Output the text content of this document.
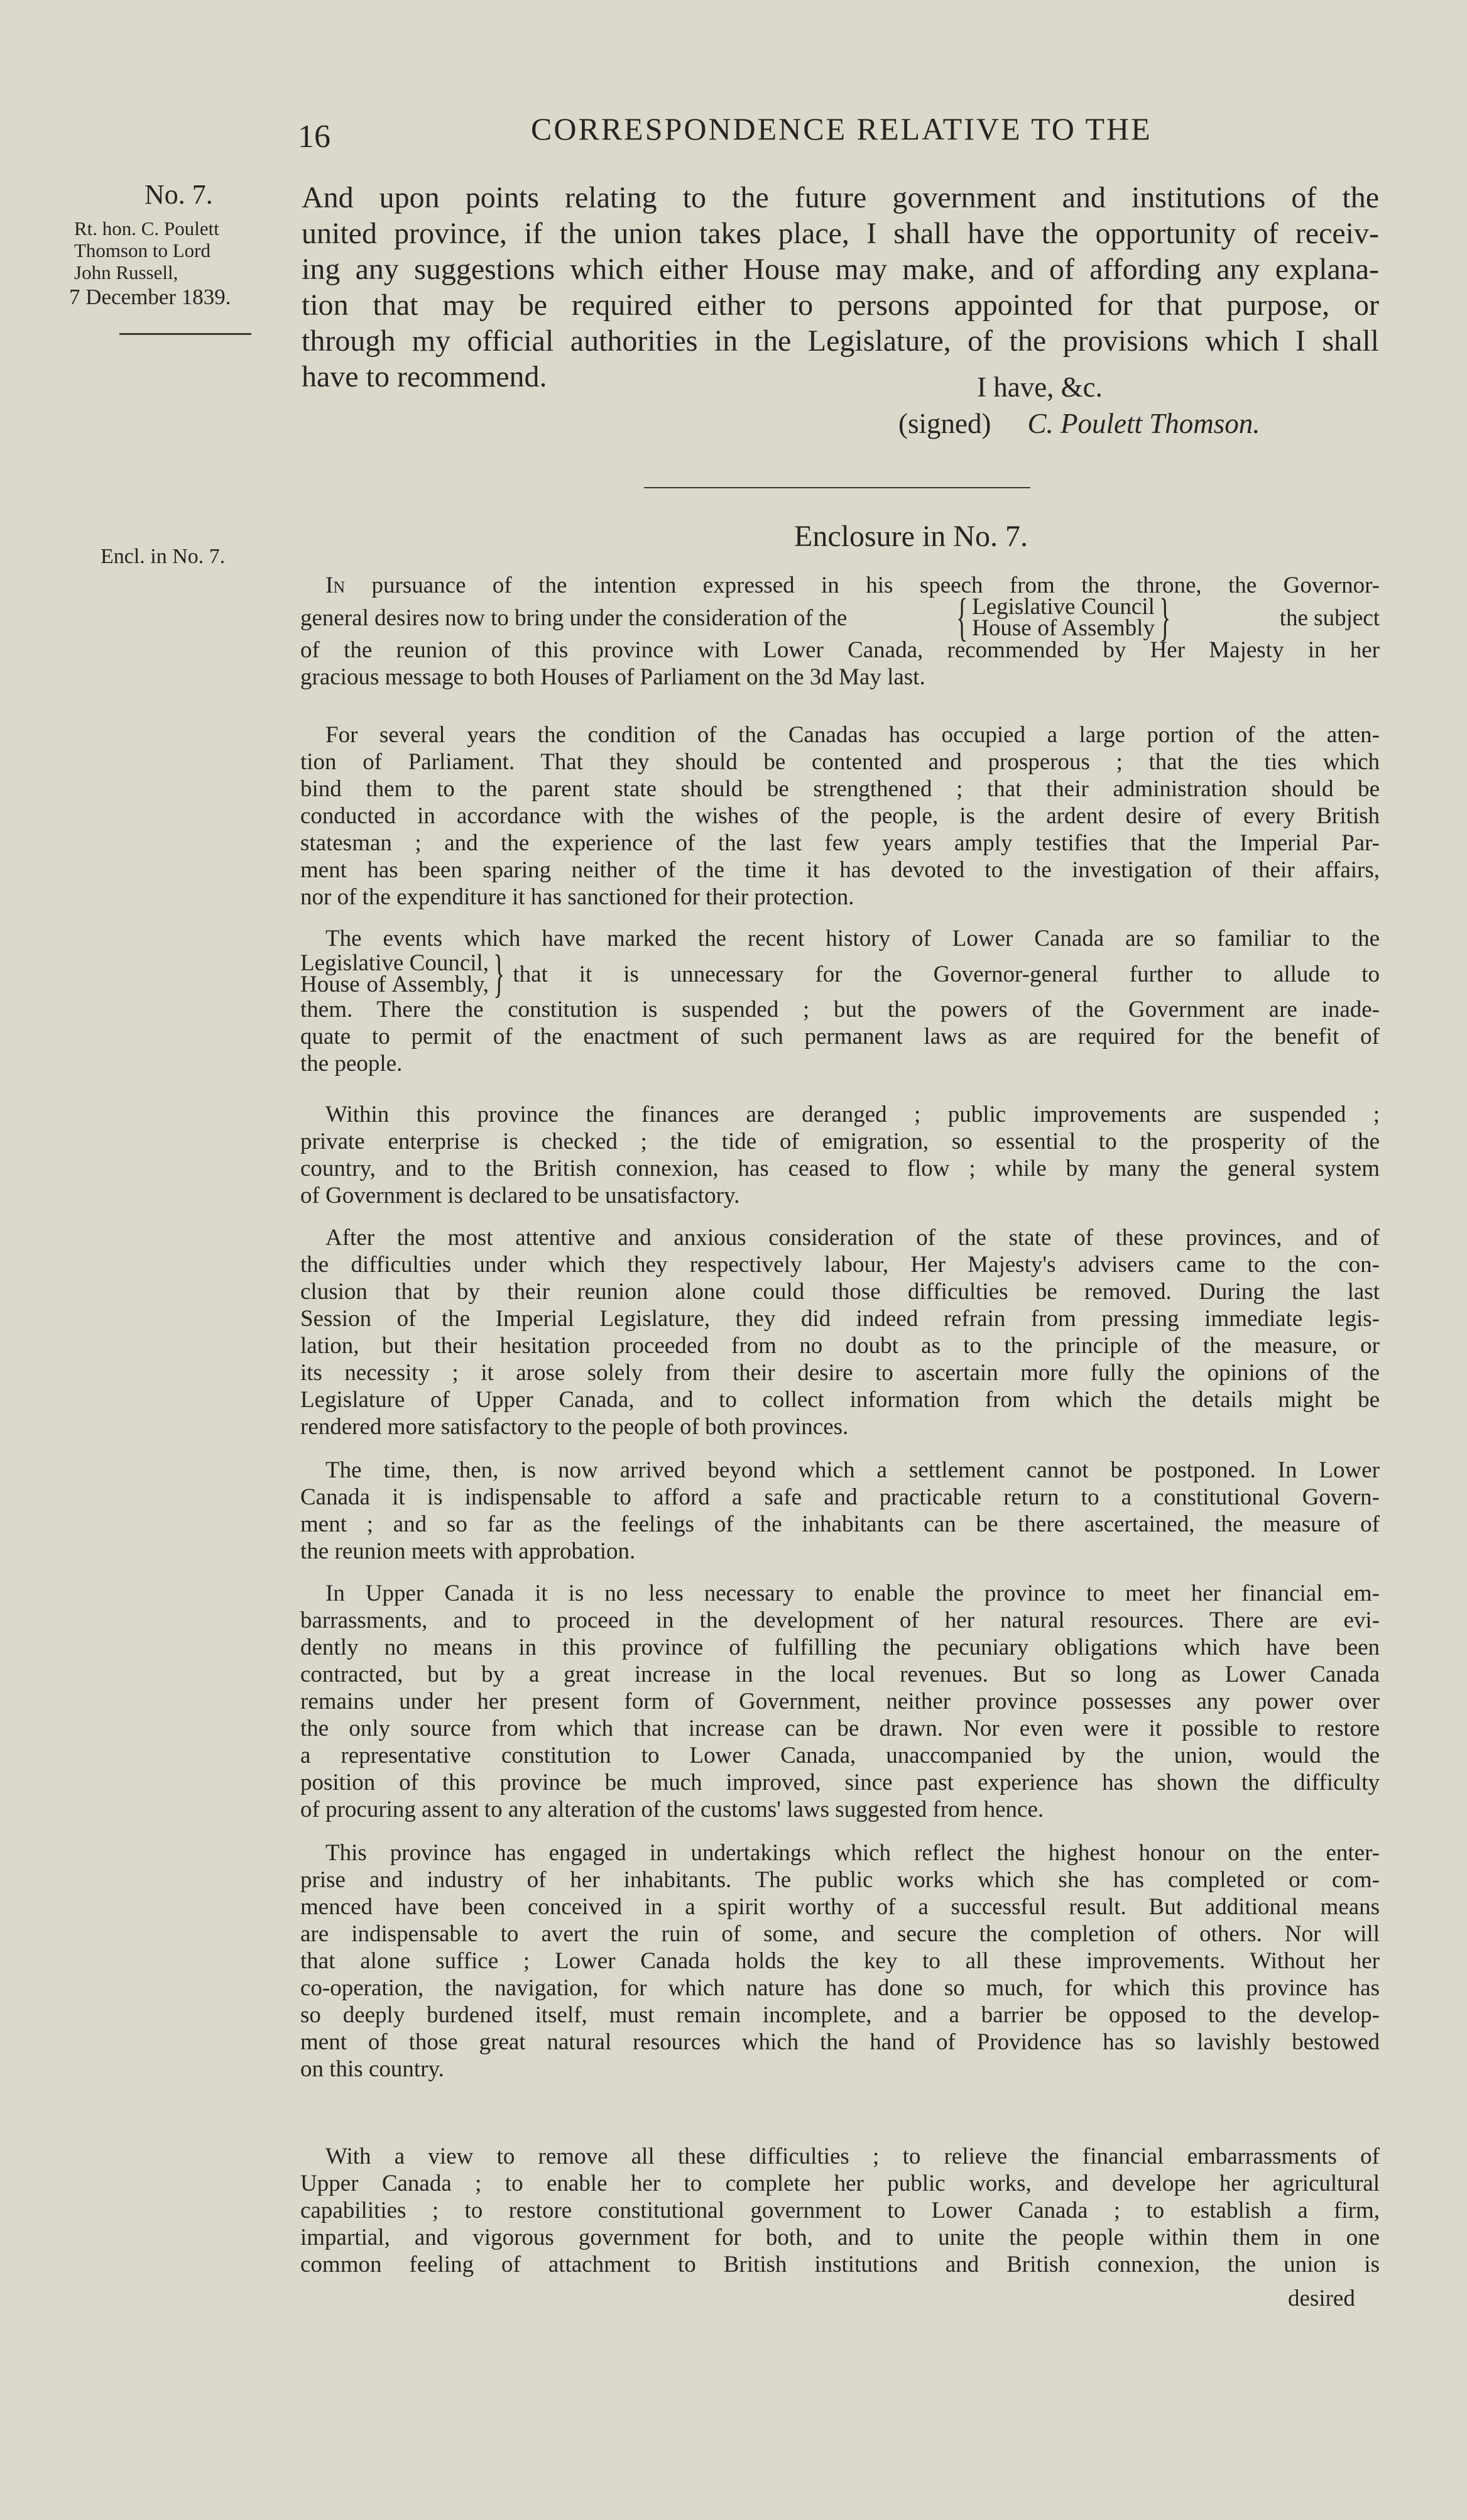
16	CORRESPONDENCE RELATIVE TO THE
No. 7.
Rt. hon. C. Poulett
Thomson to Lord
John Russell,
7 December 1839.
Encl. in No. 7.
And upon points relating to the future government and institutions of the
united province, if the union takes place, I shall have the opportunity of receiv-
ing any suggestions which either House may make, and of affording any explana-
tion that may be required either to persons appointed for that purpose, or
through my official authorities in the Legislature, of the provisions which I shall
have to recommend.	I have, &c.
(signed) C. Poulett Thomson.
Enclosure in No. 7.
In pursuance of the intention expressed in his speech from the throne, the Governor-
general desires now to bring under the consideration of the { Legislative Council
House of Assembly }	the subject
of the reunion of this province with Lower Canada, recommended by Her Majesty in her
gracious message to both Houses of Parliament on the 3d May last.
For several years the condition of the Canadas has occupied a large portion of the atten-
tion of Parliament. That they should be contented and prosperous ; that the ties which
bind them to the parent state should be strengthened ; that their administration should be
conducted in accordance with the wishes of the people, is the ardent desire of every British
statesman ; and the experience of the last few years amply testifies that the Imperial Par-
ment has been sparing neither of the time it has devoted to the investigation of their affairs,
nor of the expenditure it has sanctioned for their protection.
The events which have marked the recent history of Lower Canada are so familiar to the
Legislative Council,
House of Assembly, } that it is unnecessary for the Governor-general further to allude to
them. There the constitution is suspended ; but the powers of the Government are inade-
quate to permit of the enactment of such permanent laws as are required for the benefit of
the people.
Within this province the finances are deranged ; public improvements are suspended ;
private enterprise is checked ; the tide of emigration, so essential to the prosperity of the
country, and to the British connexion, has ceased to flow ; while by many the general system
of Government is declared to be unsatisfactory.
After the most attentive and anxious consideration of the state of these provinces, and of
the difficulties under which they respectively labour, Her Majesty's advisers came to the con-
clusion that by their reunion alone could those difficulties be removed. During the last
Session of the Imperial Legislature, they did indeed refrain from pressing immediate legis-
lation, but their hesitation proceeded from no doubt as to the principle of the measure, or
its necessity ; it arose solely from their desire to ascertain more fully the opinions of the
Legislature of Upper Canada, and to collect information from which the details might be
rendered more satisfactory to the people of both provinces.
The time, then, is now arrived beyond which a settlement cannot be postponed. In Lower
Canada it is indispensable to afford a safe and practicable return to a constitutional Govern-
ment ; and so far as the feelings of the inhabitants can be there ascertained, the measure of
the reunion meets with approbation.
In Upper Canada it is no less necessary to enable the province to meet her financial em-
barrassments, and to proceed in the development of her natural resources. There are evi-
dently no means in this province of fulfilling the pecuniary obligations which have been
contracted, but by a great increase in the local revenues. But so long as Lower Canada
remains under her present form of Government, neither province possesses any power over
the only source from which that increase can be drawn. Nor even were it possible to restore
a representative constitution to Lower Canada, unaccompanied by the union, would the
position of this province be much improved, since past experience has shown the difficulty
of procuring assent to any alteration of the customs' laws suggested from hence.
This province has engaged in undertakings which reflect the highest honour on the enter-
prise and industry of her inhabitants. The public works which she has completed or com-
menced have been conceived in a spirit worthy of a successful result. But additional means
are indispensable to avert the ruin of some, and secure the completion of others. Nor will
that alone suffice ; Lower Canada holds the key to all these improvements. Without her
co-operation, the navigation, for which nature has done so much, for which this province has
so deeply burdened itself, must remain incomplete, and a barrier be opposed to the develop-
ment of those great natural resources which the hand of Providence has so lavishly bestowed
on this country.
With a view to remove all these difficulties ; to relieve the financial embarrassments of
Upper Canada ; to enable her to complete her public works, and develope her agricultural
capabilities ; to restore constitutional government to Lower Canada ; to establish a firm,
impartial, and vigorous government for both, and to unite the people within them in one
common feeling of attachment to British institutions and British connexion, the union is
desired
